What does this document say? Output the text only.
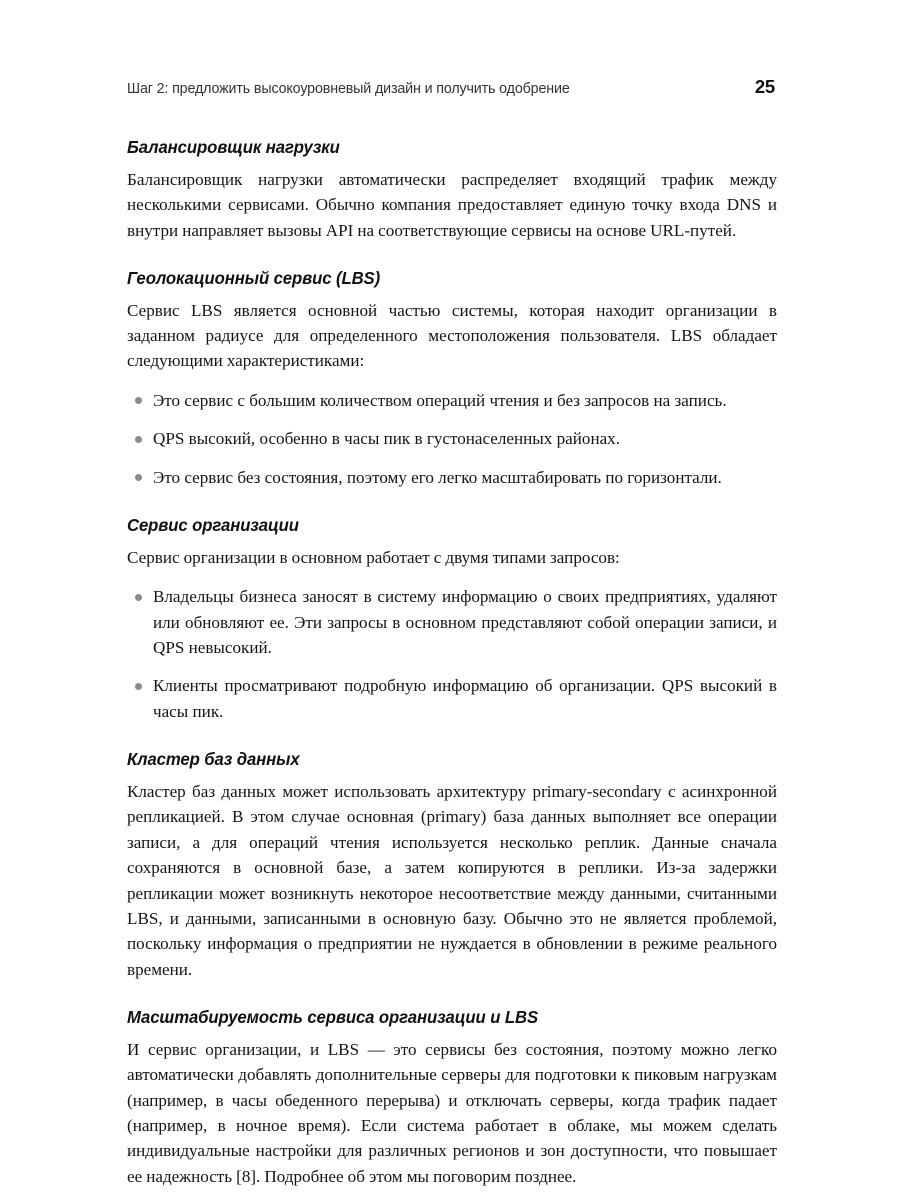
Шаг 2: предложить высокоуровневый дизайн и получить одобрение	25
Балансировщик нагрузки

Балансировщик нагрузки автоматически распределяет входящий трафик между несколькими сервисами. Обычно компания предоставляет единую точку входа DNS и внутри направляет вызовы API на соответствующие сервисы на основе URL-путей.

Геолокационный сервис (LBS)

Сервис LBS является основной частью системы, которая находит организации в заданном радиусе для определенного местоположения пользователя. LBS обладает следующими характеристиками:

Это сервис с большим количеством операций чтения и без запросов на запись.
QPS высокий, особенно в часы пик в густонаселенных районах.
Это сервис без состояния, поэтому его легко масштабировать по горизонтали.
Сервис организации

Сервис организации в основном работает с двумя типами запросов:

Владельцы бизнеса заносят в систему информацию о своих предприятиях, удаляют или обновляют ее. Эти запросы в основном представляют собой операции записи, и QPS невысокий.
Клиенты просматривают подробную информацию об организации. QPS высокий в часы пик.
Кластер баз данных

Кластер баз данных может использовать архитектуру primary-secondary с асинхронной репликацией. В этом случае основная (primary) база данных выполняет все операции записи, а для операций чтения используется несколько реплик. Данные сначала сохраняются в основной базе, а затем копируются в реплики. Из-за задержки репликации может возникнуть некоторое несоответствие между данными, считанными LBS, и данными, записанными в основную базу. Обычно это не является проблемой, поскольку информация о предприятии не нуждается в обновлении в режиме реального времени.

Масштабируемость сервиса организации и LBS

И сервис организации, и LBS — это сервисы без состояния, поэтому можно легко автоматически добавлять дополнительные серверы для подготовки к пиковым нагрузкам (например, в часы обеденного перерыва) и отключать серверы, когда трафик падает (например, в ночное время). Если система работает в облаке, мы можем сделать индивидуальные настройки для различных регионов и зон доступности, что повышает ее надежность [8]. Подробнее об этом мы поговорим позднее.
